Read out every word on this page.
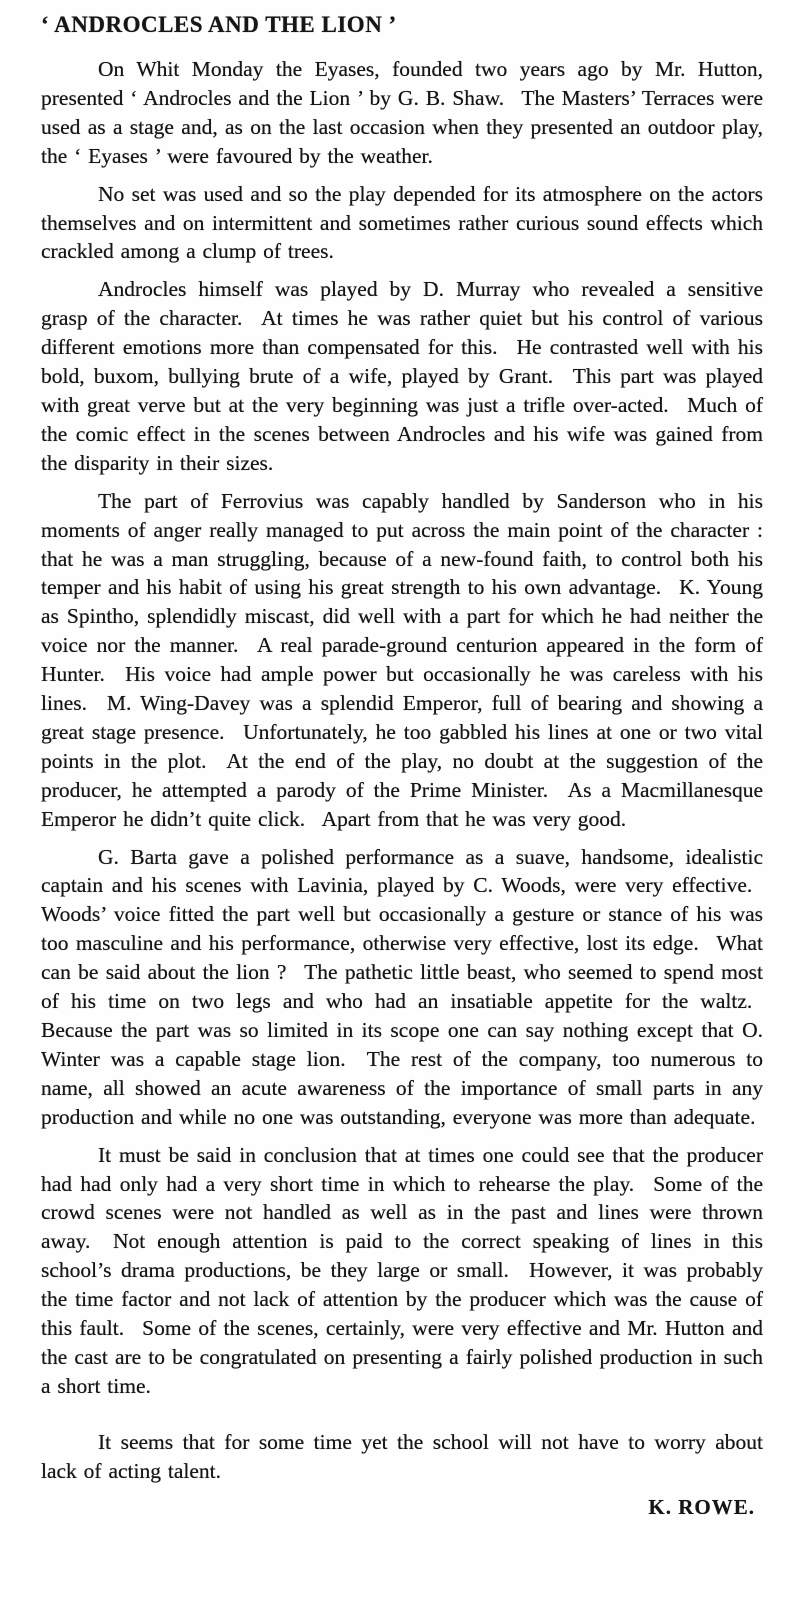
‘ ANDROCLES AND THE LION ’

On Whit Monday the Eyases, founded two years ago by Mr. Hutton, presented ‘ Androcles and the Lion ’ by G. B. Shaw.  The Masters’ Terraces were used as a stage and, as on the last occasion when they presented an outdoor play, the ‘ Eyases ’ were favoured by the weather.

No set was used and so the play depended for its atmosphere on the actors themselves and on intermittent and sometimes rather curious sound effects which crackled among a clump of trees.

Androcles himself was played by D. Murray who revealed a sensitive grasp of the character.  At times he was rather quiet but his control of various different emotions more than compensated for this.  He contrasted well with his bold, buxom, bullying brute of a wife, played by Grant.  This part was played with great verve but at the very beginning was just a trifle over-acted.  Much of the comic effect in the scenes between Androcles and his wife was gained from the disparity in their sizes.

The part of Ferrovius was capably handled by Sanderson who in his moments of anger really managed to put across the main point of the character : that he was a man struggling, because of a new-found faith, to control both his temper and his habit of using his great strength to his own advantage.  K. Young as Spintho, splendidly miscast, did well with a part for which he had neither the voice nor the manner.  A real parade-ground centurion appeared in the form of Hunter.  His voice had ample power but occasionally he was careless with his lines.  M. Wing-Davey was a splendid Emperor, full of bearing and showing a great stage presence.  Unfortunately, he too gabbled his lines at one or two vital points in the plot.  At the end of the play, no doubt at the suggestion of the producer, he attempted a parody of the Prime Minister.  As a Macmillanesque Emperor he didn’t quite click.  Apart from that he was very good.

G. Barta gave a polished performance as a suave, handsome, idealistic captain and his scenes with Lavinia, played by C. Woods, were very effective.  Woods’ voice fitted the part well but occasionally a gesture or stance of his was too masculine and his performance, otherwise very effective, lost its edge.  What can be said about the lion ?  The pathetic little beast, who seemed to spend most of his time on two legs and who had an insatiable appetite for the waltz.  Because the part was so limited in its scope one can say nothing except that O. Winter was a capable stage lion.  The rest of the company, too numerous to name, all showed an acute awareness of the importance of small parts in any production and while no one was outstanding, everyone was more than adequate.

It must be said in conclusion that at times one could see that the producer had had only had a very short time in which to rehearse the play.  Some of the crowd scenes were not handled as well as in the past and lines were thrown away.  Not enough attention is paid to the correct speaking of lines in this school’s drama productions, be they large or small.  However, it was probably the time factor and not lack of attention by the producer which was the cause of this fault.  Some of the scenes, certainly, were very effective and Mr. Hutton and the cast are to be congratulated on presenting a fairly polished production in such a short time.

It seems that for some time yet the school will not have to worry about lack of acting talent.

K. ROWE.
